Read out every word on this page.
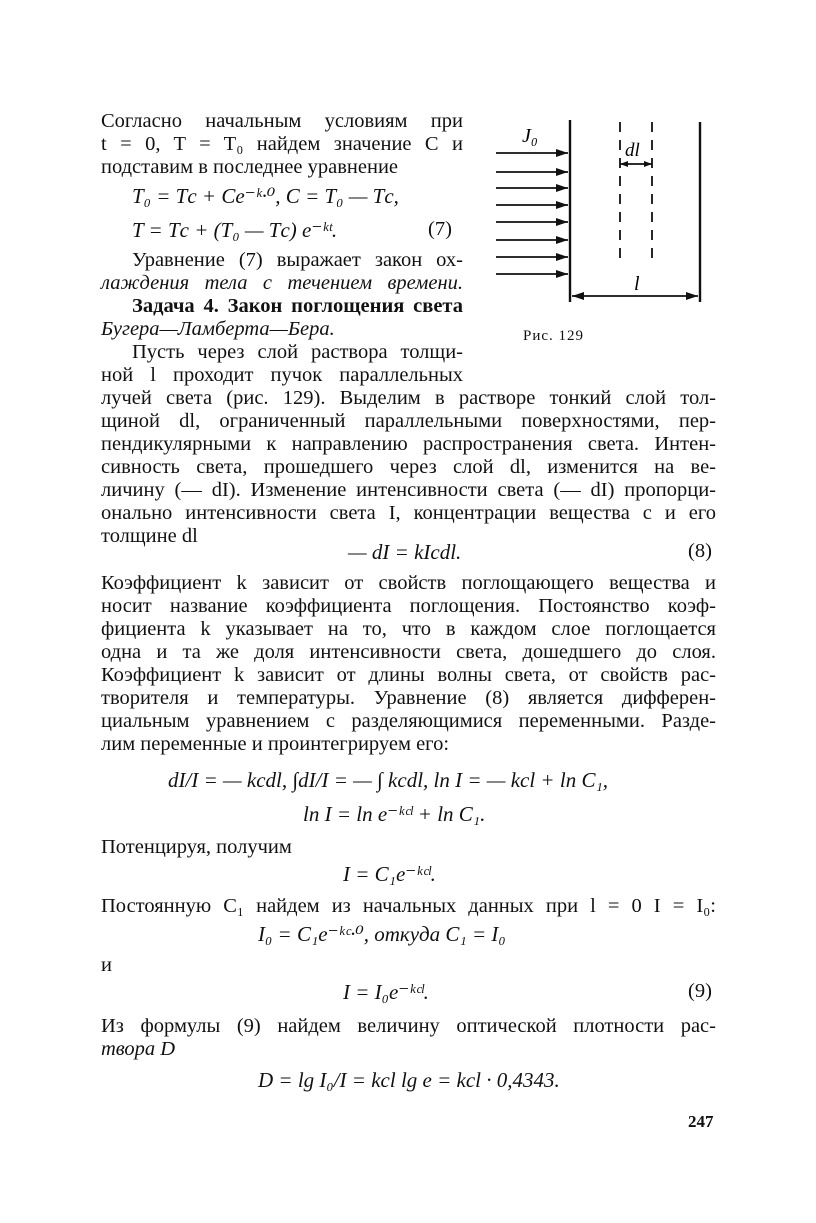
Согласно начальным условиям при
t = 0, T = T₀ найдем значение C и
подставим в последнее уравнение
T₀ = Tс + Ce⁻ᵏ·⁰, C = T₀ — Tс,
T = Tс + (T₀ — Tс) e⁻ᵏᵗ.	(7)
Уравнение (7) выражает закон ох-
лаждения тела с течением времени.
Задача 4. Закон поглощения света
Бугера—Ламберта—Бера.
Пусть через слой раствора толщи-
ной l проходит пучок параллельных
лучей света (рис. 129). Выделим в растворе тонкий слой тол-
щиной dl, ограниченный параллельными поверхностями, пер-
пендикулярными к направлению распространения света. Интен-
сивность света, прошедшего через слой dl, изменится на ве-
личину (— dI). Изменение интенсивности света (— dI) пропорци-
онально интенсивности света I, концентрации вещества c и его
толщине dl
— dI = kIcdl.	(8)
Коэффициент k зависит от свойств поглощающего вещества и
носит название коэффициента поглощения. Постоянство коэф-
фициента k указывает на то, что в каждом слое поглощается
одна и та же доля интенсивности света, дошедшего до слоя.
Коэффициент k зависит от длины волны света, от свойств рас-
творителя и температуры. Уравнение (8) является дифферен-
циальным уравнением с разделяющимися переменными. Разде-
лим переменные и проинтегрируем его:
dI/I = — kcdl, ∫dI/I = — ∫ kcdl, ln I = — kcl + ln C₁,
ln I = ln e⁻ᵏᶜˡ + ln C₁.
Потенцируя, получим
I = C₁e⁻ᵏᶜˡ.
Постоянную C₁ найдем из начальных данных при l = 0 I = I₀:
I₀ = C₁e⁻ᵏᶜ·⁰, откуда C₁ = I₀
и
I = I₀e⁻ᵏᶜˡ.	(9)
Из формулы (9) найдем величину оптической плотности рас-
твора D
D = lg I₀/I = kcl lg e = kcl · 0,4343.
247
J₀
dl
l
Рис. 129
